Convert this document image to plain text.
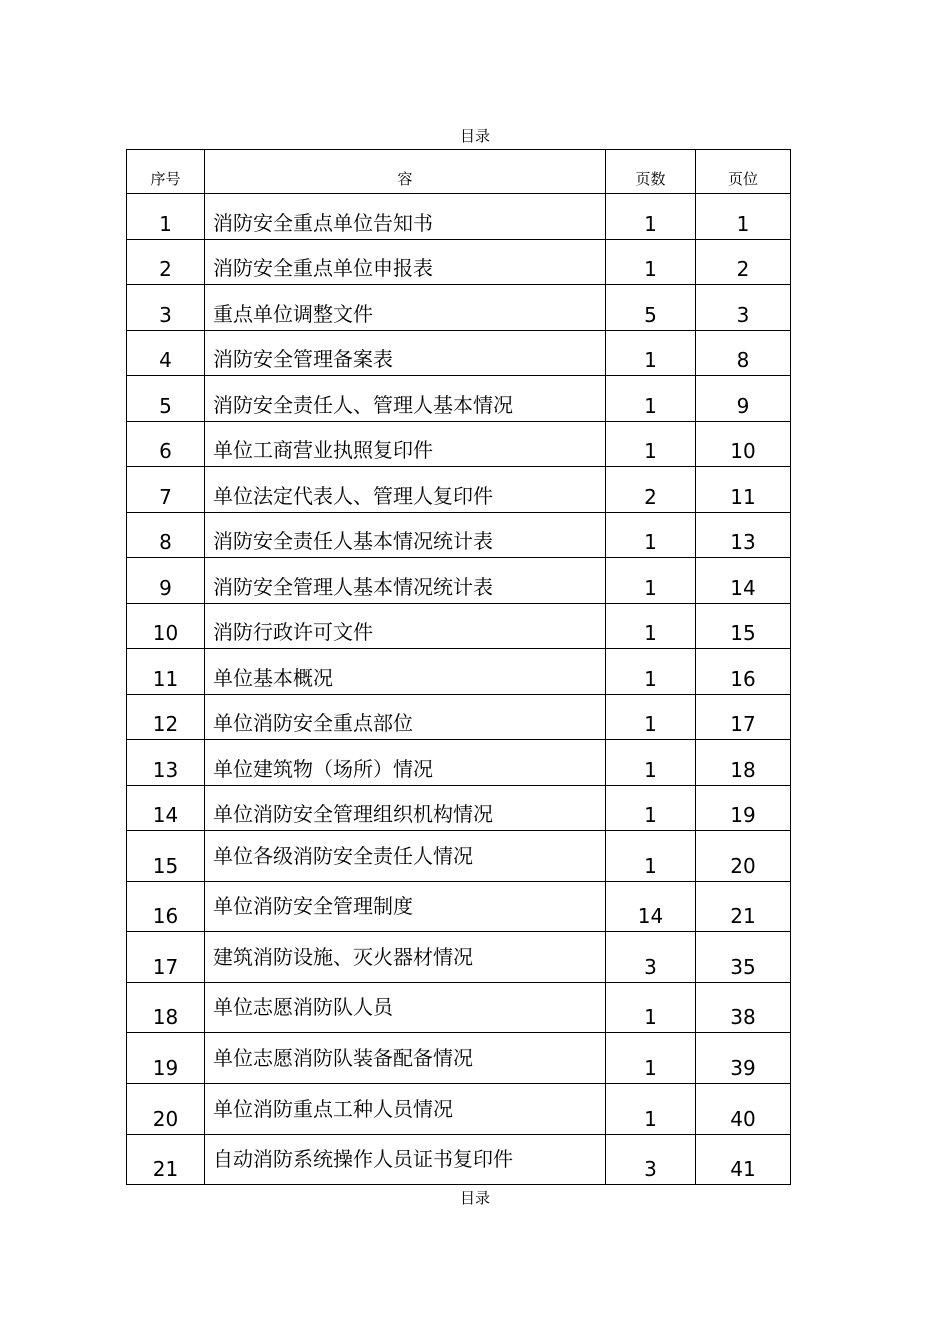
目录
序号	容	页数	页位
1	消防安全重点单位告知书	1	1
2	消防安全重点单位申报表	1	2
3	重点单位调整文件	5	3
4	消防安全管理备案表	1	8
5	消防安全责任人、管理人基本情况	1	9
6	单位工商营业执照复印件	1	10
7	单位法定代表人、管理人复印件	2	11
8	消防安全责任人基本情况统计表	1	13
9	消防安全管理人基本情况统计表	1	14
10	消防行政许可文件	1	15
11	单位基本概况	1	16
12	单位消防安全重点部位	1	17
13	单位建筑物（场所）情况	1	18
14	单位消防安全管理组织机构情况	1	19
15	单位各级消防安全责任人情况	1	20
16	单位消防安全管理制度	14	21
17	建筑消防设施、灭火器材情况	3	35
18	单位志愿消防队人员	1	38
19	单位志愿消防队装备配备情况	1	39
20	单位消防重点工种人员情况	1	40
21	自动消防系统操作人员证书复印件	3	41
目录
